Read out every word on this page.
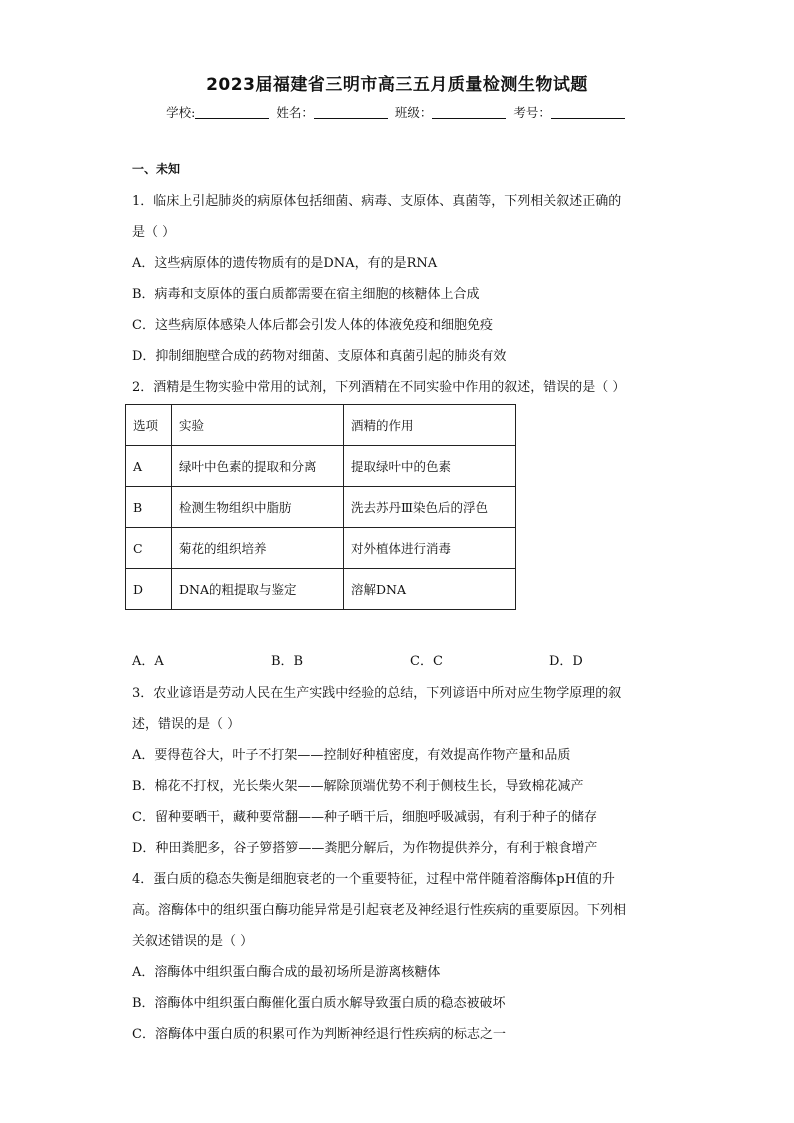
2023届福建省三明市高三五月质量检测生物试题
学校:	姓名：	班级：	考号：
一、未知
1．临床上引起肺炎的病原体包括细菌、病毒、支原体、真菌等，下列相关叙述正确的
是（ ）
A．这些病原体的遗传物质有的是DNA，有的是RNA
B．病毒和支原体的蛋白质都需要在宿主细胞的核糖体上合成
C．这些病原体感染人体后都会引发人体的体液免疫和细胞免疫
D．抑制细胞壁合成的药物对细菌、支原体和真菌引起的肺炎有效
2．酒精是生物实验中常用的试剂，下列酒精在不同实验中作用的叙述，错误的是（ ）
选项	实验	酒精的作用
A	绿叶中色素的提取和分离	提取绿叶中的色素
B	检测生物组织中脂肪	洗去苏丹Ⅲ染色后的浮色
C	菊花的组织培养	对外植体进行消毒
D	DNA的粗提取与鉴定	溶解DNA
A．A	B．B	C．C	D．D
3．农业谚语是劳动人民在生产实践中经验的总结，下列谚语中所对应生物学原理的叙
述，错误的是（ ）
A．要得苞谷大，叶子不打架——控制好种植密度，有效提高作物产量和品质
B．棉花不打杈，光长柴火架——解除顶端优势不利于侧枝生长，导致棉花减产
C．留种要晒干，藏种要常翻——种子晒干后，细胞呼吸减弱，有利于种子的储存
D．种田粪肥多，谷子箩搭箩——粪肥分解后，为作物提供养分，有利于粮食增产
4．蛋白质的稳态失衡是细胞衰老的一个重要特征，过程中常伴随着溶酶体pH值的升
高。溶酶体中的组织蛋白酶功能异常是引起衰老及神经退行性疾病的重要原因。下列相
关叙述错误的是（ ）
A．溶酶体中组织蛋白酶合成的最初场所是游离核糖体
B．溶酶体中组织蛋白酶催化蛋白质水解导致蛋白质的稳态被破坏
C．溶酶体中蛋白质的积累可作为判断神经退行性疾病的标志之一
